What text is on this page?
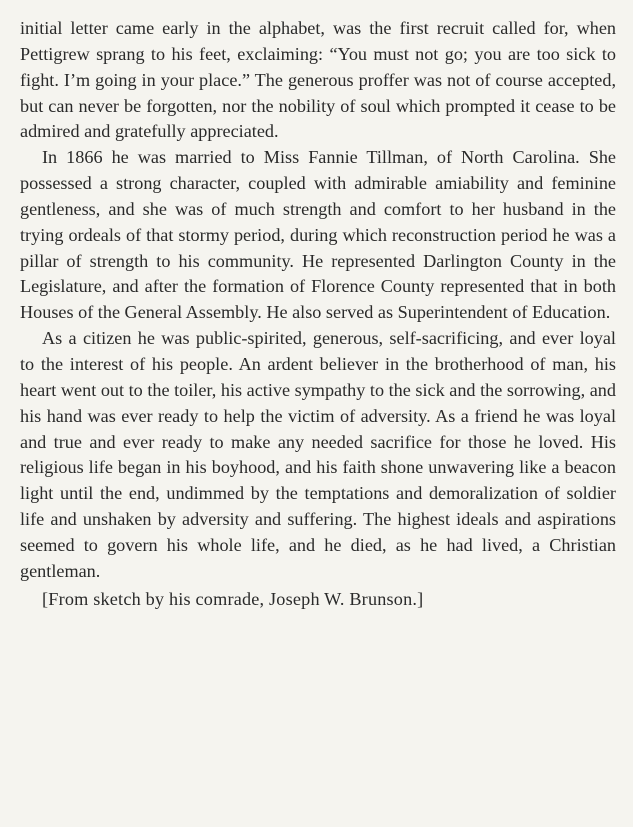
initial letter came early in the alphabet, was the first recruit called for, when Pettigrew sprang to his feet, exclaiming: “You must not go; you are too sick to fight. I’m going in your place.” The generous proffer was not of course accepted, but can never be forgotten, nor the nobility of soul which prompted it cease to be admired and gratefully appreciated.

In 1866 he was married to Miss Fannie Tillman, of North Carolina. She possessed a strong character, coupled with admirable amiability and feminine gentleness, and she was of much strength and comfort to her husband in the trying ordeals of that stormy period, during which reconstruction period he was a pillar of strength to his community. He represented Darlington County in the Legislature, and after the formation of Florence County represented that in both Houses of the General Assembly. He also served as Superintendent of Education.

As a citizen he was public-spirited, generous, self-sacrificing, and ever loyal to the interest of his people. An ardent believer in the brotherhood of man, his heart went out to the toiler, his active sympathy to the sick and the sorrowing, and his hand was ever ready to help the victim of adversity. As a friend he was loyal and true and ever ready to make any needed sacrifice for those he loved. His religious life began in his boyhood, and his faith shone unwavering like a beacon light until the end, undimmed by the temptations and demoralization of soldier life and unshaken by adversity and suffering. The highest ideals and aspirations seemed to govern his whole life, and he died, as he had lived, a Christian gentleman.

[From sketch by his comrade, Joseph W. Brunson.]
